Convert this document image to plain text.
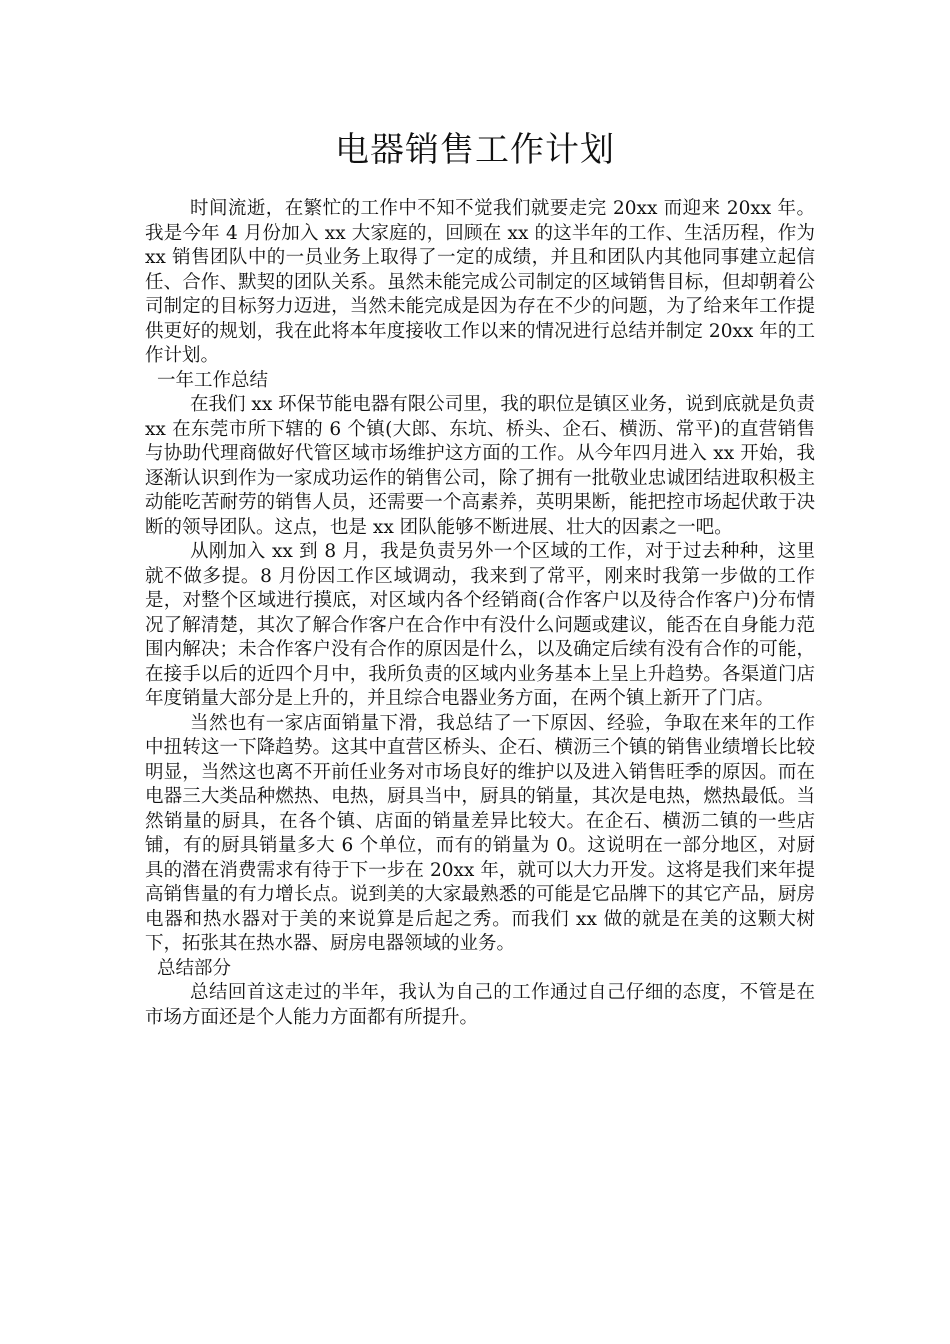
电器销售工作计划

时间流逝，在繁忙的工作中不知不觉我们就要走完 20xx 而迎来 20xx 年。我是今年 4 月份加入 xx 大家庭的，回顾在 xx 的这半年的工作、生活历程，作为 xx 销售团队中的一员业务上取得了一定的成绩，并且和团队内其他同事建立起信任、合作、默契的团队关系。虽然未能完成公司制定的区域销售目标，但却朝着公司制定的目标努力迈进，当然未能完成是因为存在不少的问题，为了给来年工作提供更好的规划，我在此将本年度接收工作以来的情况进行总结并制定 20xx 年的工作计划。

一年工作总结

在我们 xx 环保节能电器有限公司里，我的职位是镇区业务，说到底就是负责 xx 在东莞市所下辖的 6 个镇(大郎、东坑、桥头、企石、横沥、常平)的直营销售与协助代理商做好代管区域市场维护这方面的工作。从今年四月进入 xx 开始，我逐渐认识到作为一家成功运作的销售公司，除了拥有一批敬业忠诚团结进取积极主动能吃苦耐劳的销售人员，还需要一个高素养，英明果断，能把控市场起伏敢于决断的领导团队。这点，也是 xx 团队能够不断进展、壮大的因素之一吧。

从刚加入 xx 到 8 月，我是负责另外一个区域的工作，对于过去种种，这里就不做多提。8 月份因工作区域调动，我来到了常平，刚来时我第一步做的工作是，对整个区域进行摸底，对区域内各个经销商(合作客户以及待合作客户)分布情况了解清楚，其次了解合作客户在合作中有没什么问题或建议，能否在自身能力范围内解决；未合作客户没有合作的原因是什么，以及确定后续有没有合作的可能，在接手以后的近四个月中，我所负责的区域内业务基本上呈上升趋势。各渠道门店年度销量大部分是上升的，并且综合电器业务方面，在两个镇上新开了门店。

当然也有一家店面销量下滑，我总结了一下原因、经验，争取在来年的工作中扭转这一下降趋势。这其中直营区桥头、企石、横沥三个镇的销售业绩增长比较明显，当然这也离不开前任业务对市场良好的维护以及进入销售旺季的原因。而在电器三大类品种燃热、电热，厨具当中，厨具的销量，其次是电热，燃热最低。当然销量的厨具，在各个镇、店面的销量差异比较大。在企石、横沥二镇的一些店铺，有的厨具销量多大 6 个单位，而有的销量为 0。这说明在一部分地区，对厨具的潜在消费需求有待于下一步在 20xx 年，就可以大力开发。这将是我们来年提高销售量的有力增长点。说到美的大家最熟悉的可能是它品牌下的其它产品，厨房电器和热水器对于美的来说算是后起之秀。而我们 xx 做的就是在美的这颗大树下，拓张其在热水器、厨房电器领域的业务。

总结部分

总结回首这走过的半年，我认为自己的工作通过自己仔细的态度，不管是在市场方面还是个人能力方面都有所提升。
